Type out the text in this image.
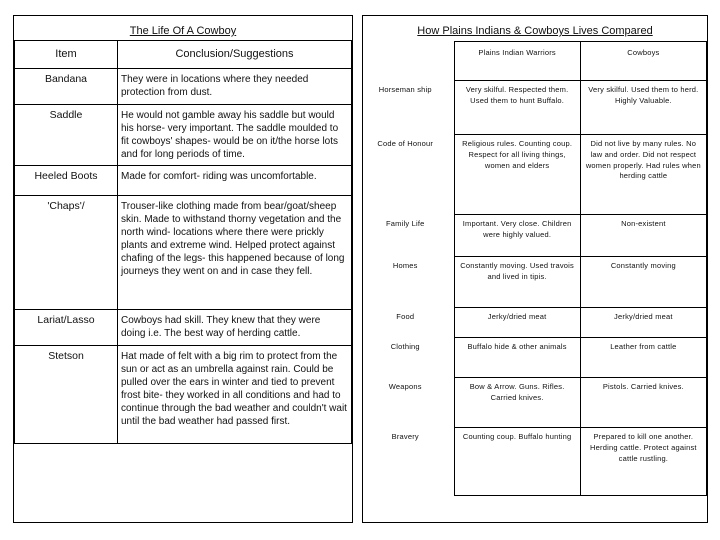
The Life Of A Cowboy
Item	Conclusion/Suggestions
Bandana	They were in locations where they needed protection from dust.
Saddle	He would not gamble away his saddle but would his horse- very important. The saddle moulded to fit cowboys' shapes- would be on it/the horse lots and for long periods of time.
Heeled Boots	Made for comfort- riding was uncomfortable.
'Chaps'/	Trouser-like clothing made from bear/goat/sheep skin. Made to withstand thorny vegetation and the north wind- locations where there were prickly plants and extreme wind. Helped protect against chafing of the legs- this happened because of long journeys they went on and in case they fell.
Lariat/Lasso	Cowboys had skill. They knew that they were doing i.e. The best way of herding cattle.
Stetson	Hat made of felt with a big rim to protect from the sun or act as an umbrella against rain. Could be pulled over the ears in winter and tied to prevent frost bite- they worked in all conditions and had to continue through the bad weather and couldn't wait until the bad weather had passed first.
How Plains Indians & Cowboys Lives Compared
	Plains Indian Warriors	Cowboys
Horseman ship	Very skilful. Respected them. Used them to hunt Buffalo.	Very skilful. Used them to herd. Highly Valuable.
Code of Honour	Religious rules. Counting coup. Respect for all living things, women and elders	Did not live by many rules. No law and order. Did not respect women properly. Had rules when herding cattle
Family Life	Important. Very close. Children were highly valued.	Non-existent
Homes	Constantly moving. Used travois and lived in tipis.	Constantly moving
Food	Jerky/dried meat	Jerky/dried meat
Clothing	Buffalo hide & other animals	Leather from cattle
Weapons	Bow & Arrow. Guns. Rifles. Carried knives.	Pistols. Carried knives.
Bravery	Counting coup. Buffalo hunting	Prepared to kill one another. Herding cattle. Protect against cattle rustling.
